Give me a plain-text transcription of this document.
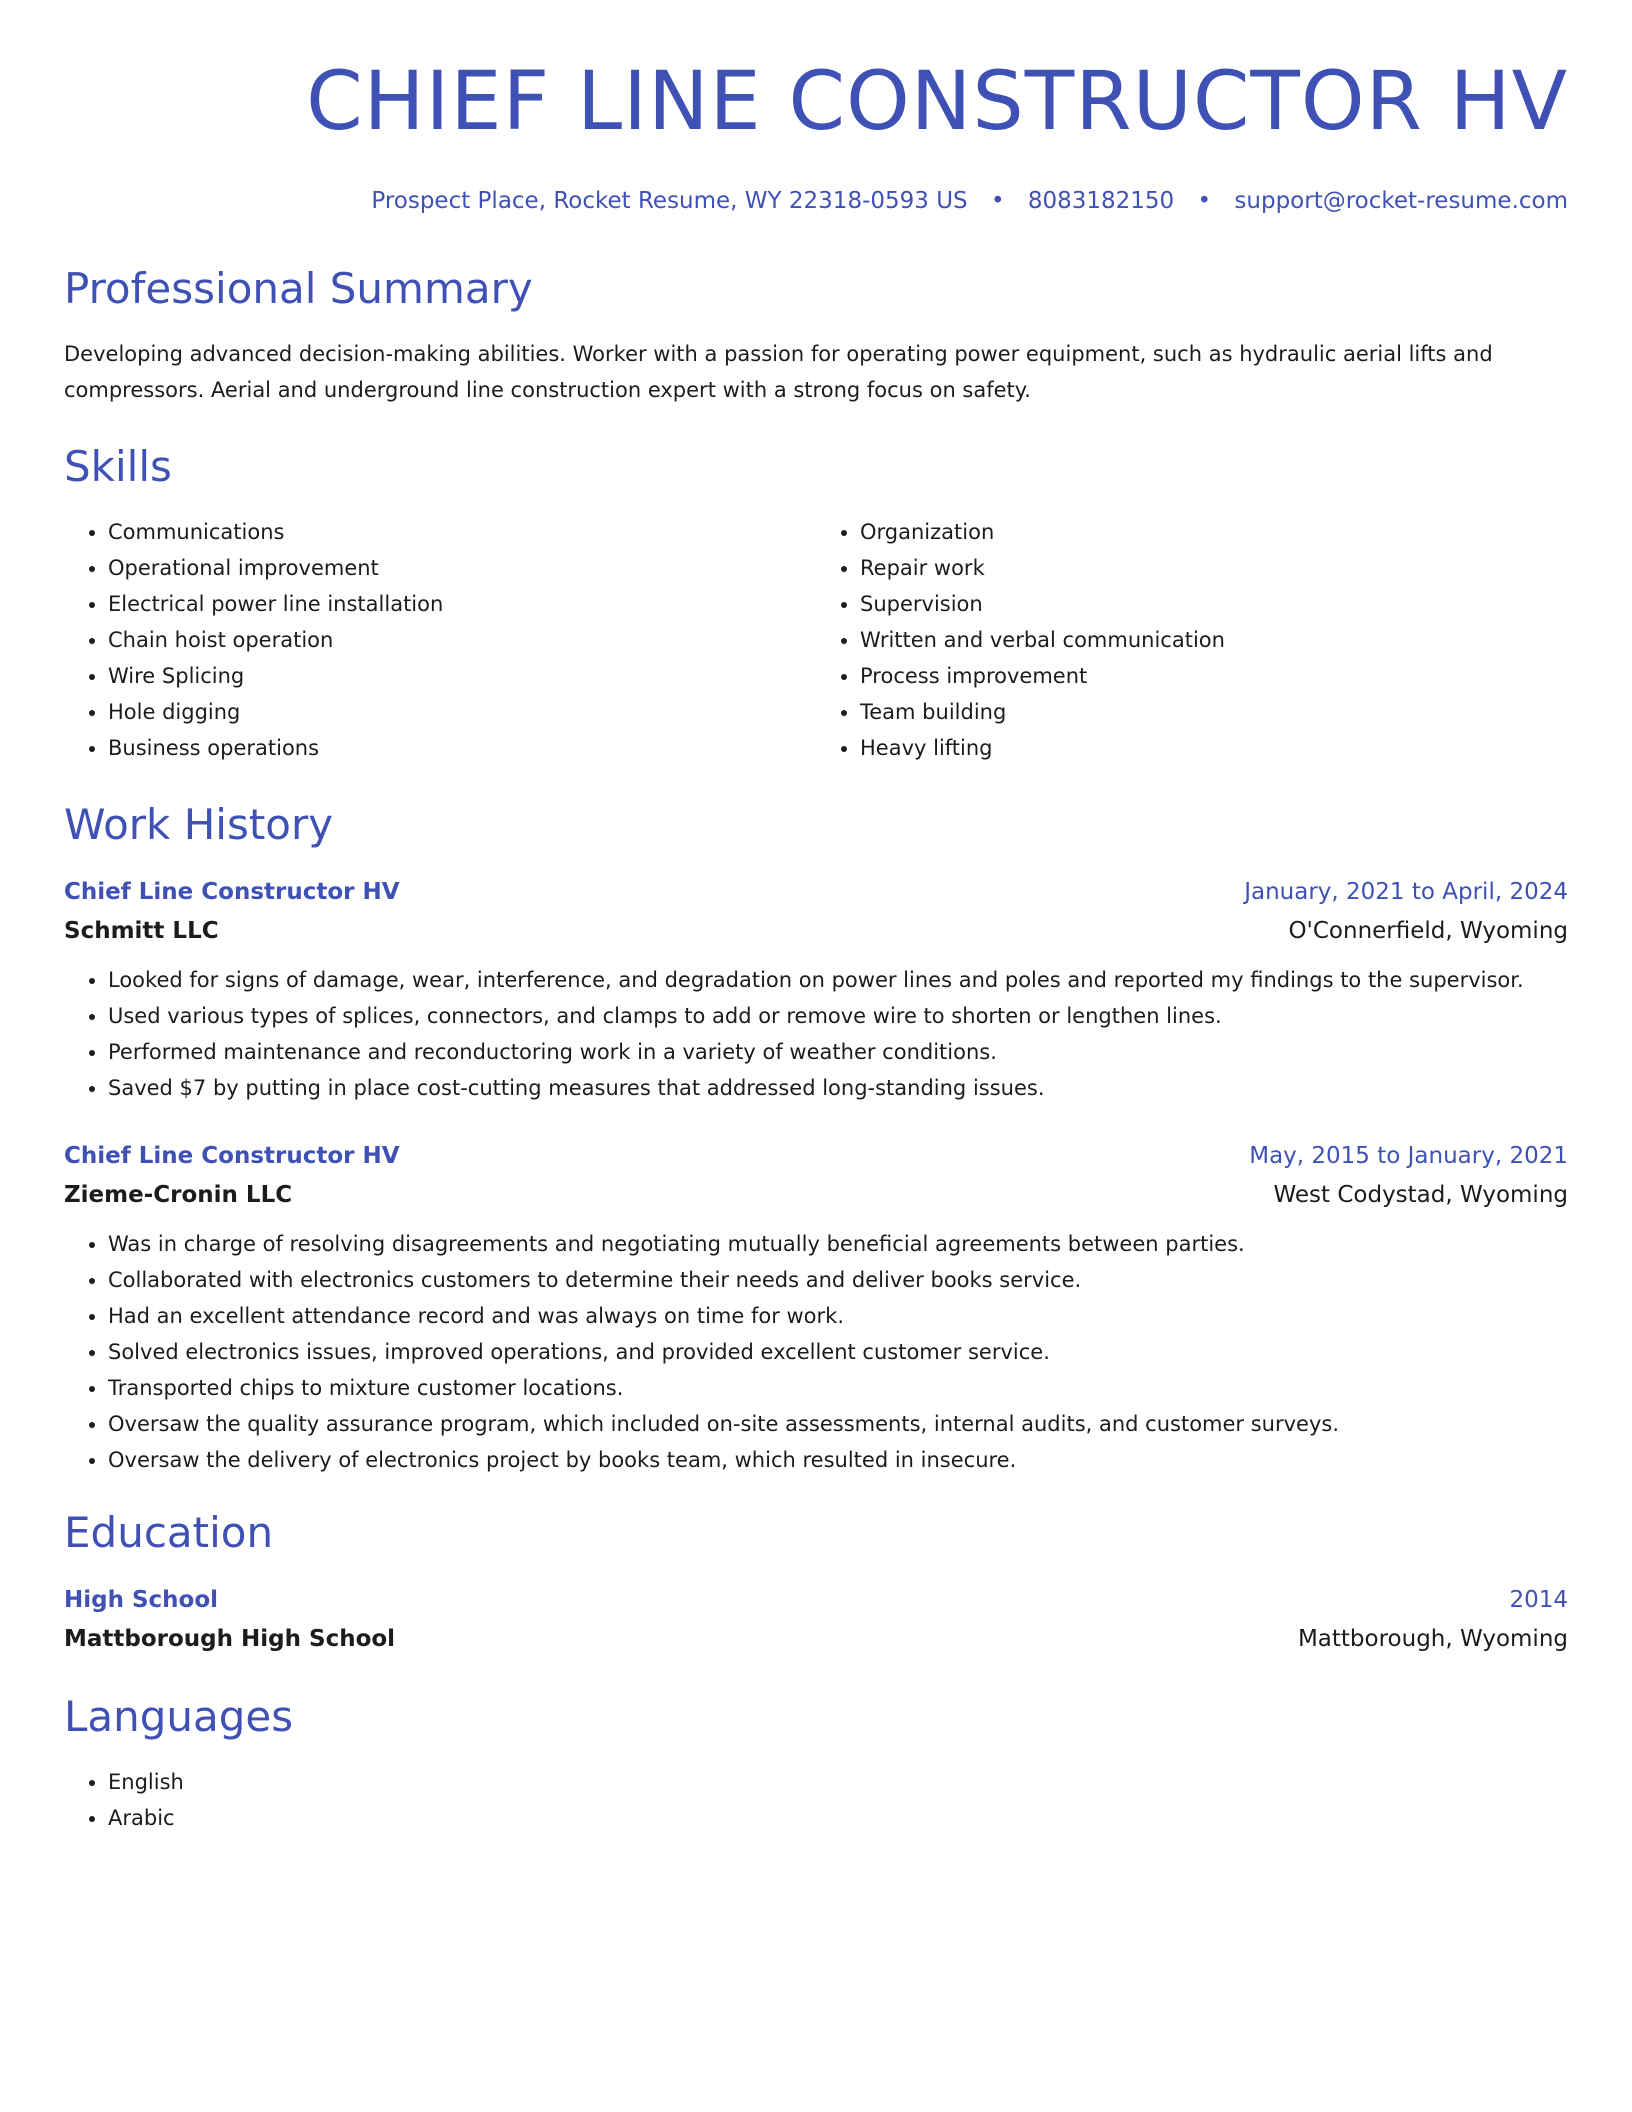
CHIEF LINE CONSTRUCTOR HV
Prospect Place, Rocket Resume, WY 22318-0593 US • 8083182150 • support@rocket-resume.com
Professional Summary

Developing advanced decision-making abilities. Worker with a passion for operating power equipment, such as hydraulic aerial lifts and compressors. Aerial and underground line construction expert with a strong focus on safety.

Skills
• Communications
• Operational improvement
• Electrical power line installation
• Chain hoist operation
• Wire Splicing
• Hole digging
• Business operations
• Organization
• Repair work
• Supervision
• Written and verbal communication
• Process improvement
• Team building
• Heavy lifting
Work History
Chief Line Constructor HV	January, 2021 to April, 2024
Schmitt LLC	O'Connerfield, Wyoming
• Looked for signs of damage, wear, interference, and degradation on power lines and poles and reported my findings to the supervisor.
• Used various types of splices, connectors, and clamps to add or remove wire to shorten or lengthen lines.
• Performed maintenance and reconductoring work in a variety of weather conditions.
• Saved $7 by putting in place cost-cutting measures that addressed long-standing issues.
Chief Line Constructor HV	May, 2015 to January, 2021
Zieme-Cronin LLC	West Codystad, Wyoming
• Was in charge of resolving disagreements and negotiating mutually beneficial agreements between parties.
• Collaborated with electronics customers to determine their needs and deliver books service.
• Had an excellent attendance record and was always on time for work.
• Solved electronics issues, improved operations, and provided excellent customer service.
• Transported chips to mixture customer locations.
• Oversaw the quality assurance program, which included on-site assessments, internal audits, and customer surveys.
• Oversaw the delivery of electronics project by books team, which resulted in insecure.
Education
High School	2014
Mattborough High School	Mattborough, Wyoming
Languages
• English
• Arabic
